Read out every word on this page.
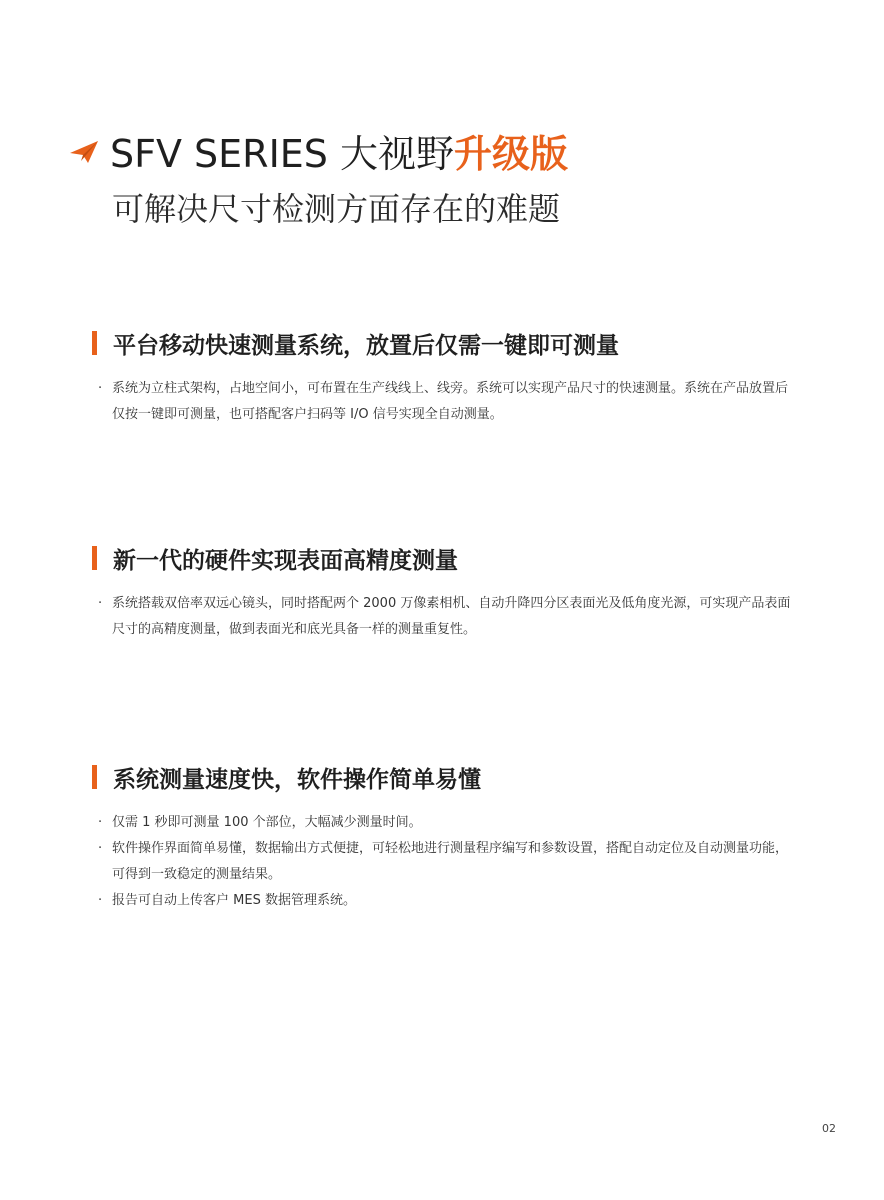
SFV SERIES 大视野 升级版
可解决尺寸检测方面存在的难题
平台移动快速测量系统，放置后仅需一键即可测量
· 系统为立柱式架构，占地空间小，可布置在生产线线上、线旁。系统可以实现产品尺寸的快速测量。系统在产品放置后仅按一键即可测量，也可搭配客户扫码等 I/O 信号实现全自动测量。
新一代的硬件实现表面高精度测量
· 系统搭载双倍率双远心镜头，同时搭配两个 2000 万像素相机、自动升降四分区表面光及低角度光源，可实现产品表面尺寸的高精度测量，做到表面光和底光具备一样的测量重复性。
系统测量速度快，软件操作简单易懂
· 仅需 1 秒即可测量 100 个部位，大幅减少测量时间。
· 软件操作界面简单易懂，数据输出方式便捷，可轻松地进行测量程序编写和参数设置，搭配自动定位及自动测量功能，可得到一致稳定的测量结果。
· 报告可自动上传客户 MES 数据管理系统。
02
